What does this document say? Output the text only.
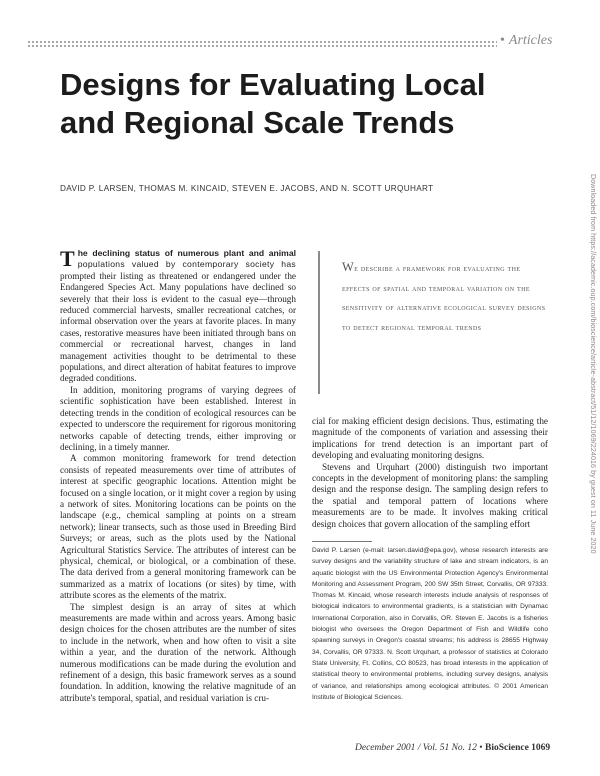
• Articles
Designs for Evaluating Local and Regional Scale Trends
DAVID P. LARSEN, THOMAS M. KINCAID, STEVEN E. JACOBS, AND N. SCOTT URQUHART

The declining status of numerous plant and animal populations valued by contemporary society has prompted their listing as threatened or endangered under the Endangered Species Act. Many populations have declined so severely that their loss is evident to the casual eye—through reduced commercial harvests, smaller recreational catches, or informal observation over the years at favorite places. In many cases, restorative measures have been initiated through bans on commercial or recreational harvest, changes in land management activities thought to be detrimental to these populations, and direct alteration of habitat features to improve degraded conditions.

In addition, monitoring programs of varying degrees of scientific sophistication have been established. Interest in detecting trends in the condition of ecological resources can be expected to underscore the requirement for rigorous monitoring networks capable of detecting trends, either improving or declining, in a timely manner.

A common monitoring framework for trend detection consists of repeated measurements over time of attributes of interest at specific geographic locations. Attention might be focused on a single location, or it might cover a region by using a network of sites. Monitoring locations can be points on the landscape (e.g., chemical sampling at points on a stream network); linear transects, such as those used in Breeding Bird Surveys; or areas, such as the plots used by the National Agricultural Statistics Service. The attributes of interest can be physical, chemical, or biological, or a combination of these. The data derived from a general monitoring framework can be summarized as a matrix of locations (or sites) by time, with attribute scores as the elements of the matrix.

The simplest design is an array of sites at which measurements are made within and across years. Among basic design choices for the chosen attributes are the number of sites to include in the network, when and how often to visit a site within a year, and the duration of the network. Although numerous modifications can be made during the evolution and refinement of a design, this basic framework serves as a sound foundation. In addition, knowing the relative magnitude of an attribute's temporal, spatial, and residual variation is cru-

We describe a framework for evaluating the effects of spatial and temporal variation on the sensitivity of alternative ecological survey designs to detect regional temporal trends

cial for making efficient design decisions. Thus, estimating the magnitude of the components of variation and assessing their implications for trend detection is an important part of developing and evaluating monitoring designs.

Stevens and Urquhart (2000) distinguish two important concepts in the development of monitoring plans: the sampling design and the response design. The sampling design refers to the spatial and temporal pattern of locations where measurements are to be made. It involves making critical design choices that govern allocation of the sampling effort

David P. Larsen (e-mail: larsen.david@epa.gov), whose research interests are survey designs and the variability structure of lake and stream indicators, is an aquatic biologist with the US Environmental Protection Agency's Environmental Monitoring and Assessment Program, 200 SW 35th Street, Corvallis, OR 97333. Thomas M. Kincaid, whose research interests include analysis of responses of biological indicators to environmental gradients, is a statistician with Dynamac International Corporation, also in Corvallis, OR. Steven E. Jacobs is a fisheries biologist who oversees the Oregon Department of Fish and Wildlife coho spawning surveys in Oregon's coastal streams; his address is 28655 Highway 34, Corvallis, OR 97333. N. Scott Urquhart, a professor of statistics at Colorado State University, Ft. Collins, CO 80523, has broad interests in the application of statistical theory to environmental problems, including survey designs, analysis of variance, and relationships among ecological attributes. © 2001 American Institute of Biological Sciences.
December 2001 / Vol. 51 No. 12 • BioScience 1069
Downloaded from https://academic.oup.com/bioscience/article-abstract/51/12/1069/224016 by guest on 11 June 2020
